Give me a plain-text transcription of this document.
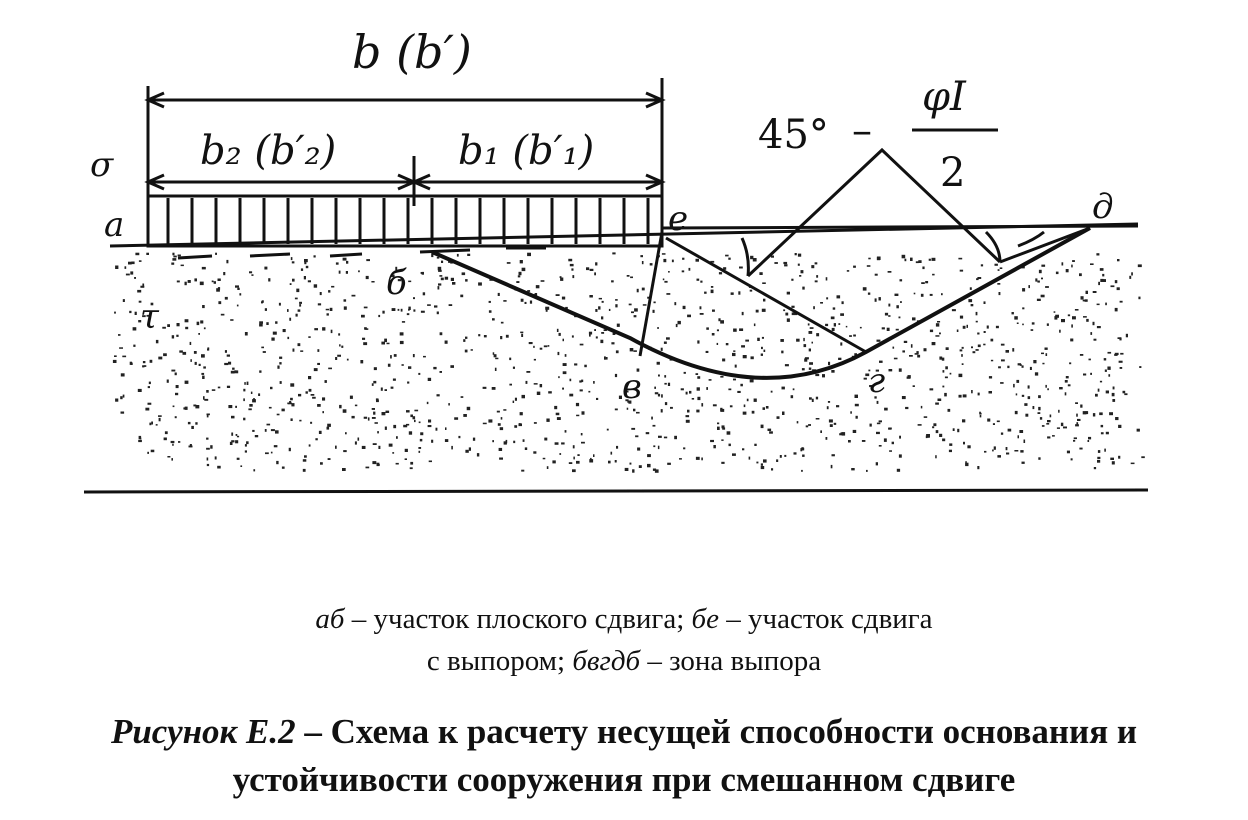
b (b′)
b₂ (b′₂)	b₁ (b′₁)
σ
а
τ
б
в	г
д
е
45° –
φI
2
аб – участок плоского сдвига; бе – участок сдвига
с выпором; бвгдб – зона выпора
Рисунок Е.2 – Схема к расчету несущей способности основания и устойчивости сооружения при смешанном сдвиге
